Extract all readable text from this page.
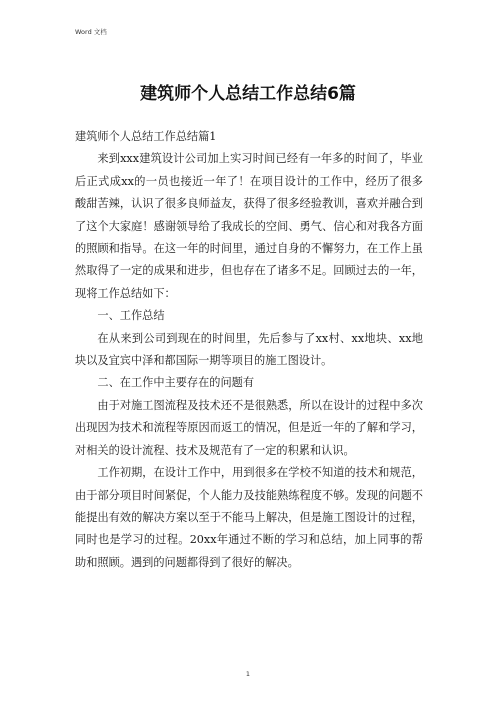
Word 文档
建筑师个人总结工作总结6篇

建筑师个人总结工作总结篇1

来到xxx建筑设计公司加上实习时间已经有一年多的时间了，毕业后正式成xx的一员也接近一年了！在项目设计的工作中，经历了很多酸甜苦辣，认识了很多良师益友，获得了很多经验教训，喜欢并融合到了这个大家庭！感谢领导给了我成长的空间、勇气、信心和对我各方面的照顾和指导。在这一年的时间里，通过自身的不懈努力，在工作上虽然取得了一定的成果和进步，但也存在了诸多不足。回顾过去的一年，现将工作总结如下：

一、工作总结

在从来到公司到现在的时间里，先后参与了xx村、xx地块、xx地块以及宜宾中泽和都国际一期等项目的施工图设计。

二、在工作中主要存在的问题有

由于对施工图流程及技术还不是很熟悉，所以在设计的过程中多次出现因为技术和流程等原因而返工的情况，但是近一年的了解和学习，对相关的设计流程、技术及规范有了一定的积累和认识。

工作初期，在设计工作中，用到很多在学校不知道的技术和规范，由于部分项目时间紧促，个人能力及技能熟练程度不够。发现的问题不能提出有效的解决方案以至于不能马上解决，但是施工图设计的过程，同时也是学习的过程。20xx年通过不断的学习和总结，加上同事的帮助和照顾。遇到的问题都得到了很好的解决。

1
